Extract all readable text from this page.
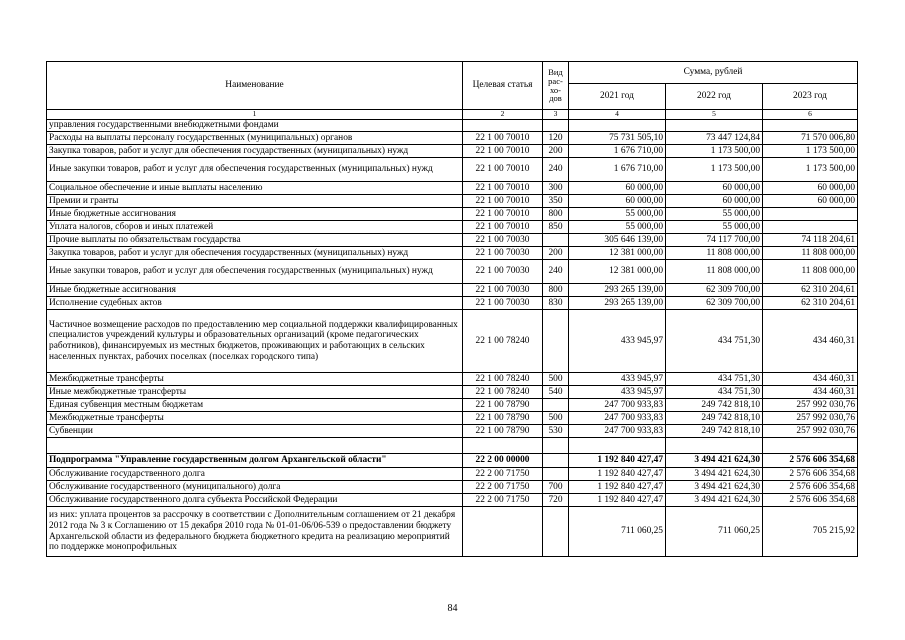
Наименование	Целевая статья	Вид рас-хо-дов	Сумма, рублей		
			2021 год	2022 год	2023 год
1	2	3	4	5	6
управления государственными внебюджетными фондами					
Расходы на выплаты персоналу государственных (муниципальных) органов	22 1 00 70010	120	75 731 505,10	73 447 124,84	71 570 006,80
Закупка товаров, работ и услуг для обеспечения государственных (муниципальных) нужд	22 1 00 70010	200	1 676 710,00	1 173 500,00	1 173 500,00
Иные закупки товаров, работ и услуг для обеспечения государственных (муниципальных) нужд	22 1 00 70010	240	1 676 710,00	1 173 500,00	1 173 500,00
Социальное обеспечение и иные выплаты населению	22 1 00 70010	300	60 000,00	60 000,00	60 000,00
Премии и гранты	22 1 00 70010	350	60 000,00	60 000,00	60 000,00
Иные бюджетные ассигнования	22 1 00 70010	800	55 000,00	55 000,00	
Уплата налогов, сборов и иных платежей	22 1 00 70010	850	55 000,00	55 000,00	
Прочие выплаты по обязательствам государства	22 1 00 70030		305 646 139,00	74 117 700,00	74 118 204,61
Закупка товаров, работ и услуг для обеспечения государственных (муниципальных) нужд	22 1 00 70030	200	12 381 000,00	11 808 000,00	11 808 000,00
Иные закупки товаров, работ и услуг для обеспечения государственных (муниципальных) нужд	22 1 00 70030	240	12 381 000,00	11 808 000,00	11 808 000,00
Иные бюджетные ассигнования	22 1 00 70030	800	293 265 139,00	62 309 700,00	62 310 204,61
Исполнение судебных актов	22 1 00 70030	830	293 265 139,00	62 309 700,00	62 310 204,61
Частичное возмещение расходов по предоставлению мер социальной поддержки квалифицированных специалистов учреждений культуры и образовательных организаций (кроме педагогических работников), финансируемых из местных бюджетов, проживающих и работающих в сельских населенных пунктах, рабочих поселках (поселках городского типа)	22 1 00 78240		433 945,97	434 751,30	434 460,31
Межбюджетные трансферты	22 1 00 78240	500	433 945,97	434 751,30	434 460,31
Иные межбюджетные трансферты	22 1 00 78240	540	433 945,97	434 751,30	434 460,31
Единая субвенция местным бюджетам	22 1 00 78790		247 700 933,83	249 742 818,10	257 992 030,76
Межбюджетные трансферты	22 1 00 78790	500	247 700 933,83	249 742 818,10	257 992 030,76
Субвенции	22 1 00 78790	530	247 700 933,83	249 742 818,10	257 992 030,76

Подпрограмма "Управление государственным долгом Архангельской области"	22 2 00 00000		1 192 840 427,47	3 494 421 624,30	2 576 606 354,68
Обслуживание государственного долга	22 2 00 71750		1 192 840 427,47	3 494 421 624,30	2 576 606 354,68
Обслуживание государственного (муниципального) долга	22 2 00 71750	700	1 192 840 427,47	3 494 421 624,30	2 576 606 354,68
Обслуживание государственного долга субъекта Российской Федерации	22 2 00 71750	720	1 192 840 427,47	3 494 421 624,30	2 576 606 354,68
из них: уплата процентов за рассрочку в соответствии с Дополнительным соглашением от 21 декабря 2012 года № 3 к Соглашению от 15 декабря 2010 года № 01-01-06/06-539 о предоставлении бюджету Архангельской области из федерального бюджета бюджетного кредита на реализацию мероприятий по поддержке монопрофильных			711 060,25	711 060,25	705 215,92
84
